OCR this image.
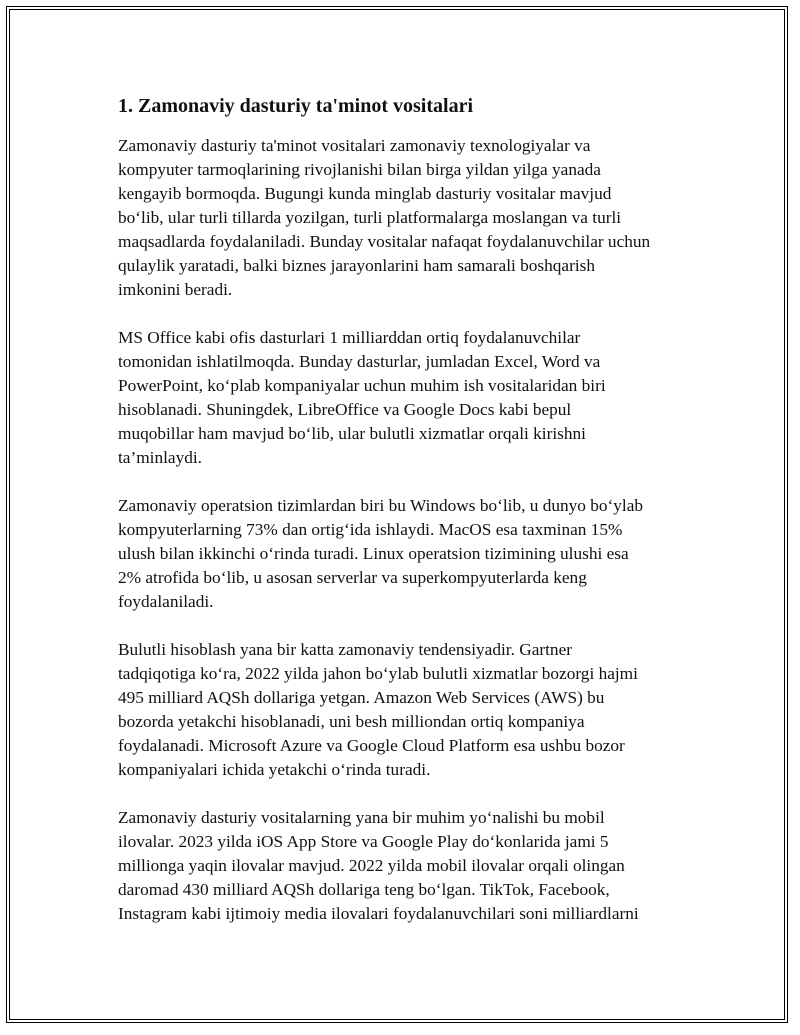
1. Zamonaviy dasturiy ta'minot vositalari
Zamonaviy dasturiy ta'minot vositalari zamonaviy texnologiyalar va
kompyuter tarmoqlarining rivojlanishi bilan birga yildan yilga yanada
kengayib bormoqda. Bugungi kunda minglab dasturiy vositalar mavjud
bo‘lib, ular turli tillarda yozilgan, turli platformalarga moslangan va turli
maqsadlarda foydalaniladi. Bunday vositalar nafaqat foydalanuvchilar uchun
qulaylik yaratadi, balki biznes jarayonlarini ham samarali boshqarish
imkonini beradi.
MS Office kabi ofis dasturlari 1 milliarddan ortiq foydalanuvchilar
tomonidan ishlatilmoqda. Bunday dasturlar, jumladan Excel, Word va
PowerPoint, ko‘plab kompaniyalar uchun muhim ish vositalaridan biri
hisoblanadi. Shuningdek, LibreOffice va Google Docs kabi bepul
muqobillar ham mavjud bo‘lib, ular bulutli xizmatlar orqali kirishni
ta’minlaydi.
Zamonaviy operatsion tizimlardan biri bu Windows bo‘lib, u dunyo bo‘ylab
kompyuterlarning 73% dan ortig‘ida ishlaydi. MacOS esa taxminan 15%
ulush bilan ikkinchi o‘rinda turadi. Linux operatsion tizimining ulushi esa
2% atrofida bo‘lib, u asosan serverlar va superkompyuterlarda keng
foydalaniladi.
Bulutli hisoblash yana bir katta zamonaviy tendensiyadir. Gartner
tadqiqotiga ko‘ra, 2022 yilda jahon bo‘ylab bulutli xizmatlar bozorgi hajmi
495 milliard AQSh dollariga yetgan. Amazon Web Services (AWS) bu
bozorda yetakchi hisoblanadi, uni besh milliondan ortiq kompaniya
foydalanadi. Microsoft Azure va Google Cloud Platform esa ushbu bozor
kompaniyalari ichida yetakchi o‘rinda turadi.
Zamonaviy dasturiy vositalarning yana bir muhim yo‘nalishi bu mobil
ilovalar. 2023 yilda iOS App Store va Google Play do‘konlarida jami 5
millionga yaqin ilovalar mavjud. 2022 yilda mobil ilovalar orqali olingan
daromad 430 milliard AQSh dollariga teng bo‘lgan. TikTok, Facebook,
Instagram kabi ijtimoiy media ilovalari foydalanuvchilari soni milliardlarni
